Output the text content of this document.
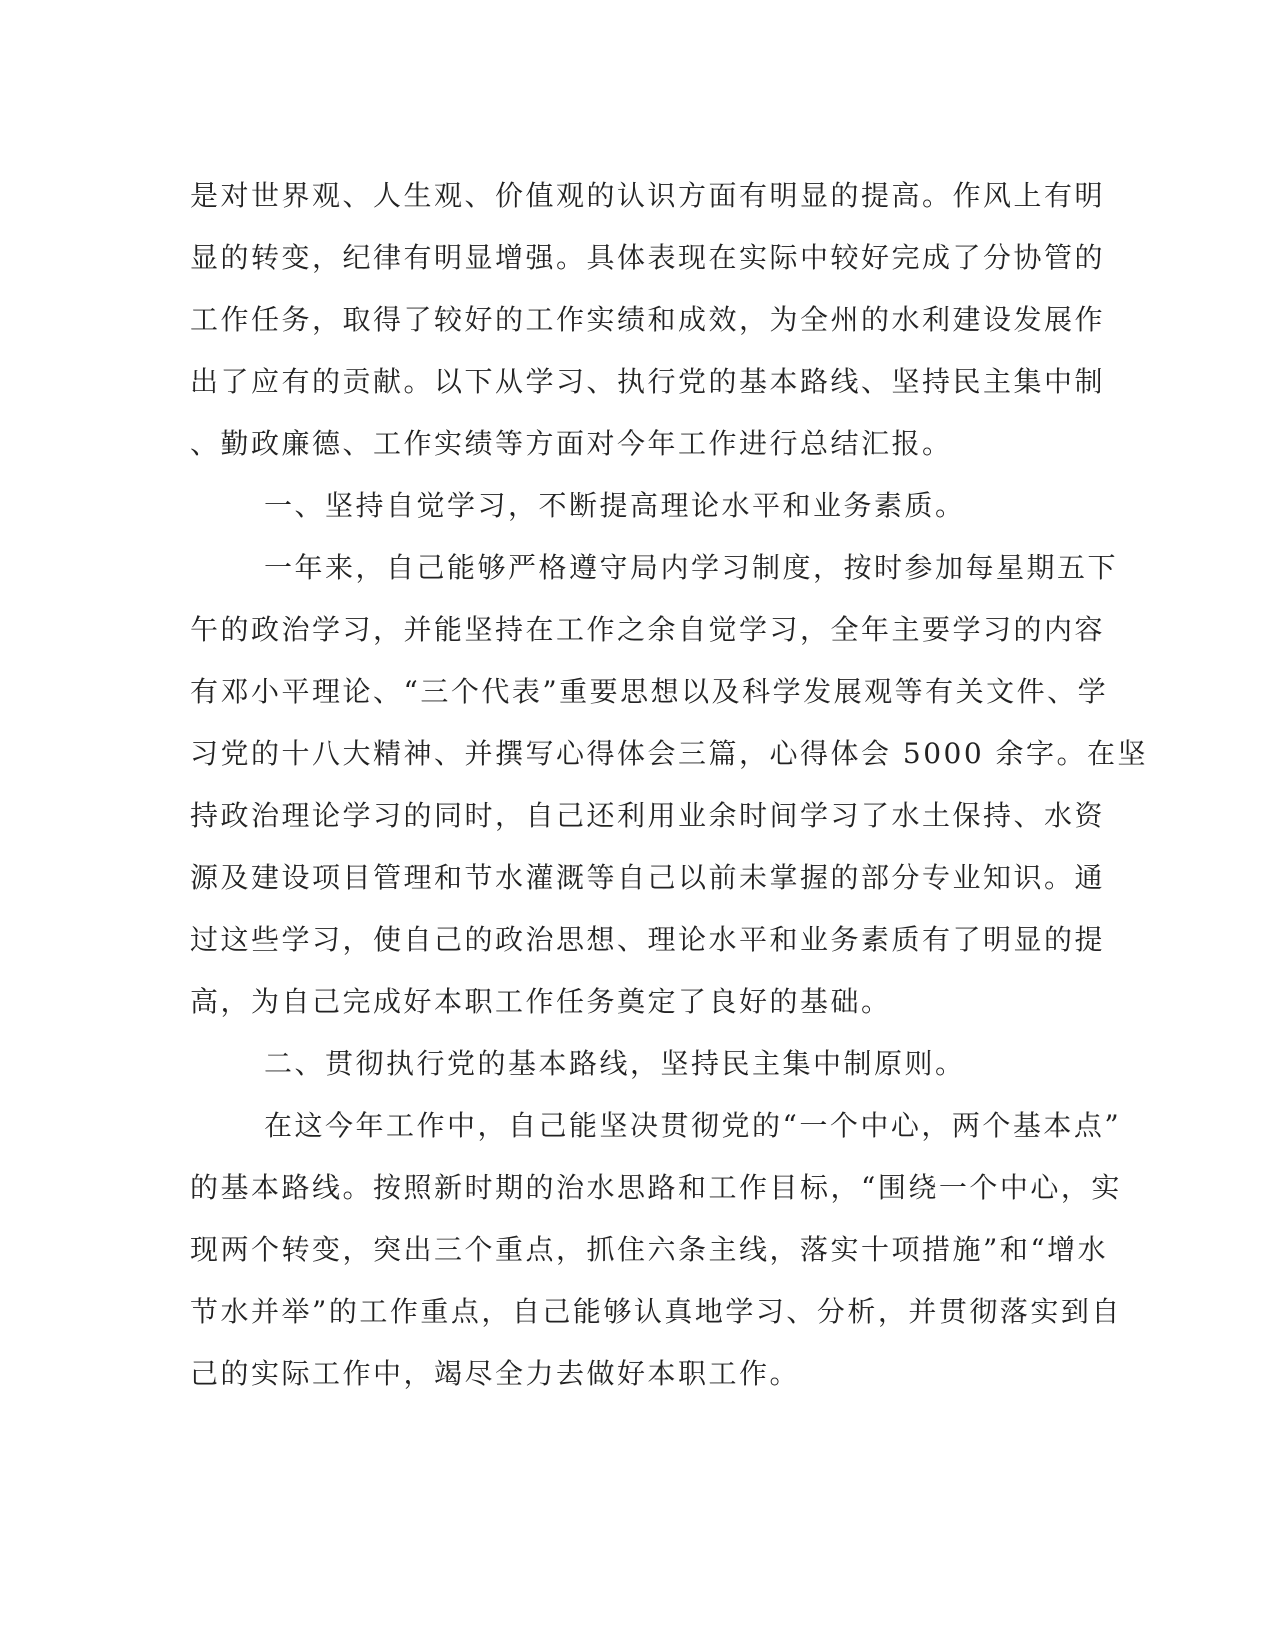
是对世界观、人生观、价值观的认识方面有明显的提高。作风上有明
显的转变，纪律有明显增强。具体表现在实际中较好完成了分协管的
工作任务，取得了较好的工作实绩和成效，为全州的水利建设发展作
出了应有的贡献。以下从学习、执行党的基本路线、坚持民主集中制
、勤政廉德、工作实绩等方面对今年工作进行总结汇报。
一、坚持自觉学习，不断提高理论水平和业务素质。
一年来，自己能够严格遵守局内学习制度，按时参加每星期五下
午的政治学习，并能坚持在工作之余自觉学习，全年主要学习的内容
有邓小平理论、“三个代表”重要思想以及科学发展观等有关文件、学
习党的十八大精神、并撰写心得体会三篇，心得体会 5000 余字。在坚
持政治理论学习的同时，自己还利用业余时间学习了水土保持、水资
源及建设项目管理和节水灌溉等自己以前未掌握的部分专业知识。通
过这些学习，使自己的政治思想、理论水平和业务素质有了明显的提
高，为自己完成好本职工作任务奠定了良好的基础。
二、贯彻执行党的基本路线，坚持民主集中制原则。
在这今年工作中，自己能坚决贯彻党的“一个中心，两个基本点”
的基本路线。按照新时期的治水思路和工作目标，“围绕一个中心，实
现两个转变，突出三个重点，抓住六条主线，落实十项措施”和“增水
节水并举”的工作重点，自己能够认真地学习、分析，并贯彻落实到自
己的实际工作中，竭尽全力去做好本职工作。
